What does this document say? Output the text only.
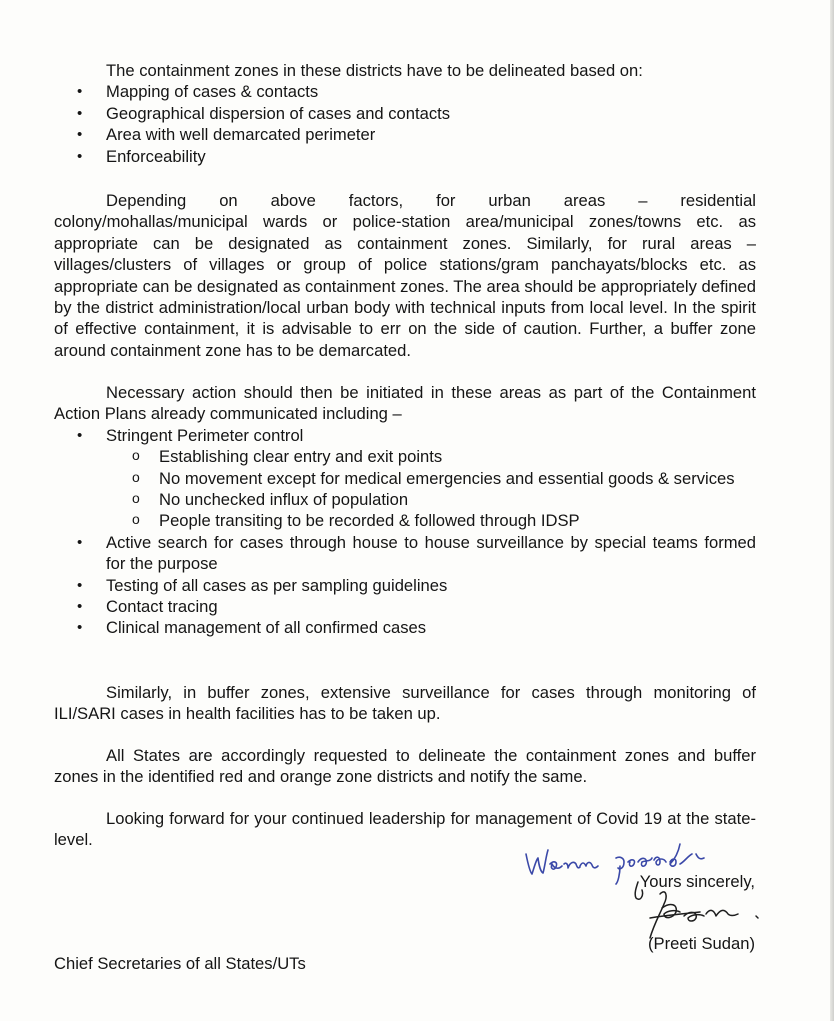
The containment zones in these districts have to be delineated based on:

• Mapping of cases & contacts
• Geographical dispersion of cases and contacts
• Area with well demarcated perimeter
• Enforceability

Depending on above factors, for urban areas – residential

colony/mohallas/municipal wards or police-station area/municipal zones/towns etc. as appropriate can be designated as containment zones. Similarly, for rural areas – villages/clusters of villages or group of police stations/gram panchayats/blocks etc. as appropriate can be designated as containment zones. The area should be appropriately defined by the district administration/local urban body with technical inputs from local level. In the spirit of effective containment, it is advisable to err on the side of caution. Further, a buffer zone around containment zone has to be demarcated.

Necessary action should then be initiated in these areas as part of the Containment Action Plans already communicated including –

• Stringent Perimeter control
o Establishing clear entry and exit points
o No movement except for medical emergencies and essential goods & services
o No unchecked influx of population
o People transiting to be recorded & followed through IDSP
• Active search for cases through house to house surveillance by special teams formed for the purpose
• Testing of all cases as per sampling guidelines
• Contact tracing
• Clinical management of all confirmed cases

Similarly, in buffer zones, extensive surveillance for cases through monitoring of ILI/SARI cases in health facilities has to be taken up.

All States are accordingly requested to delineate the containment zones and buffer zones in the identified red and orange zone districts and notify the same.

Looking forward for your continued leadership for management of Covid 19 at the state-level.

Yours sincerely,
(Preeti Sudan)
Chief Secretaries of all States/UTs
